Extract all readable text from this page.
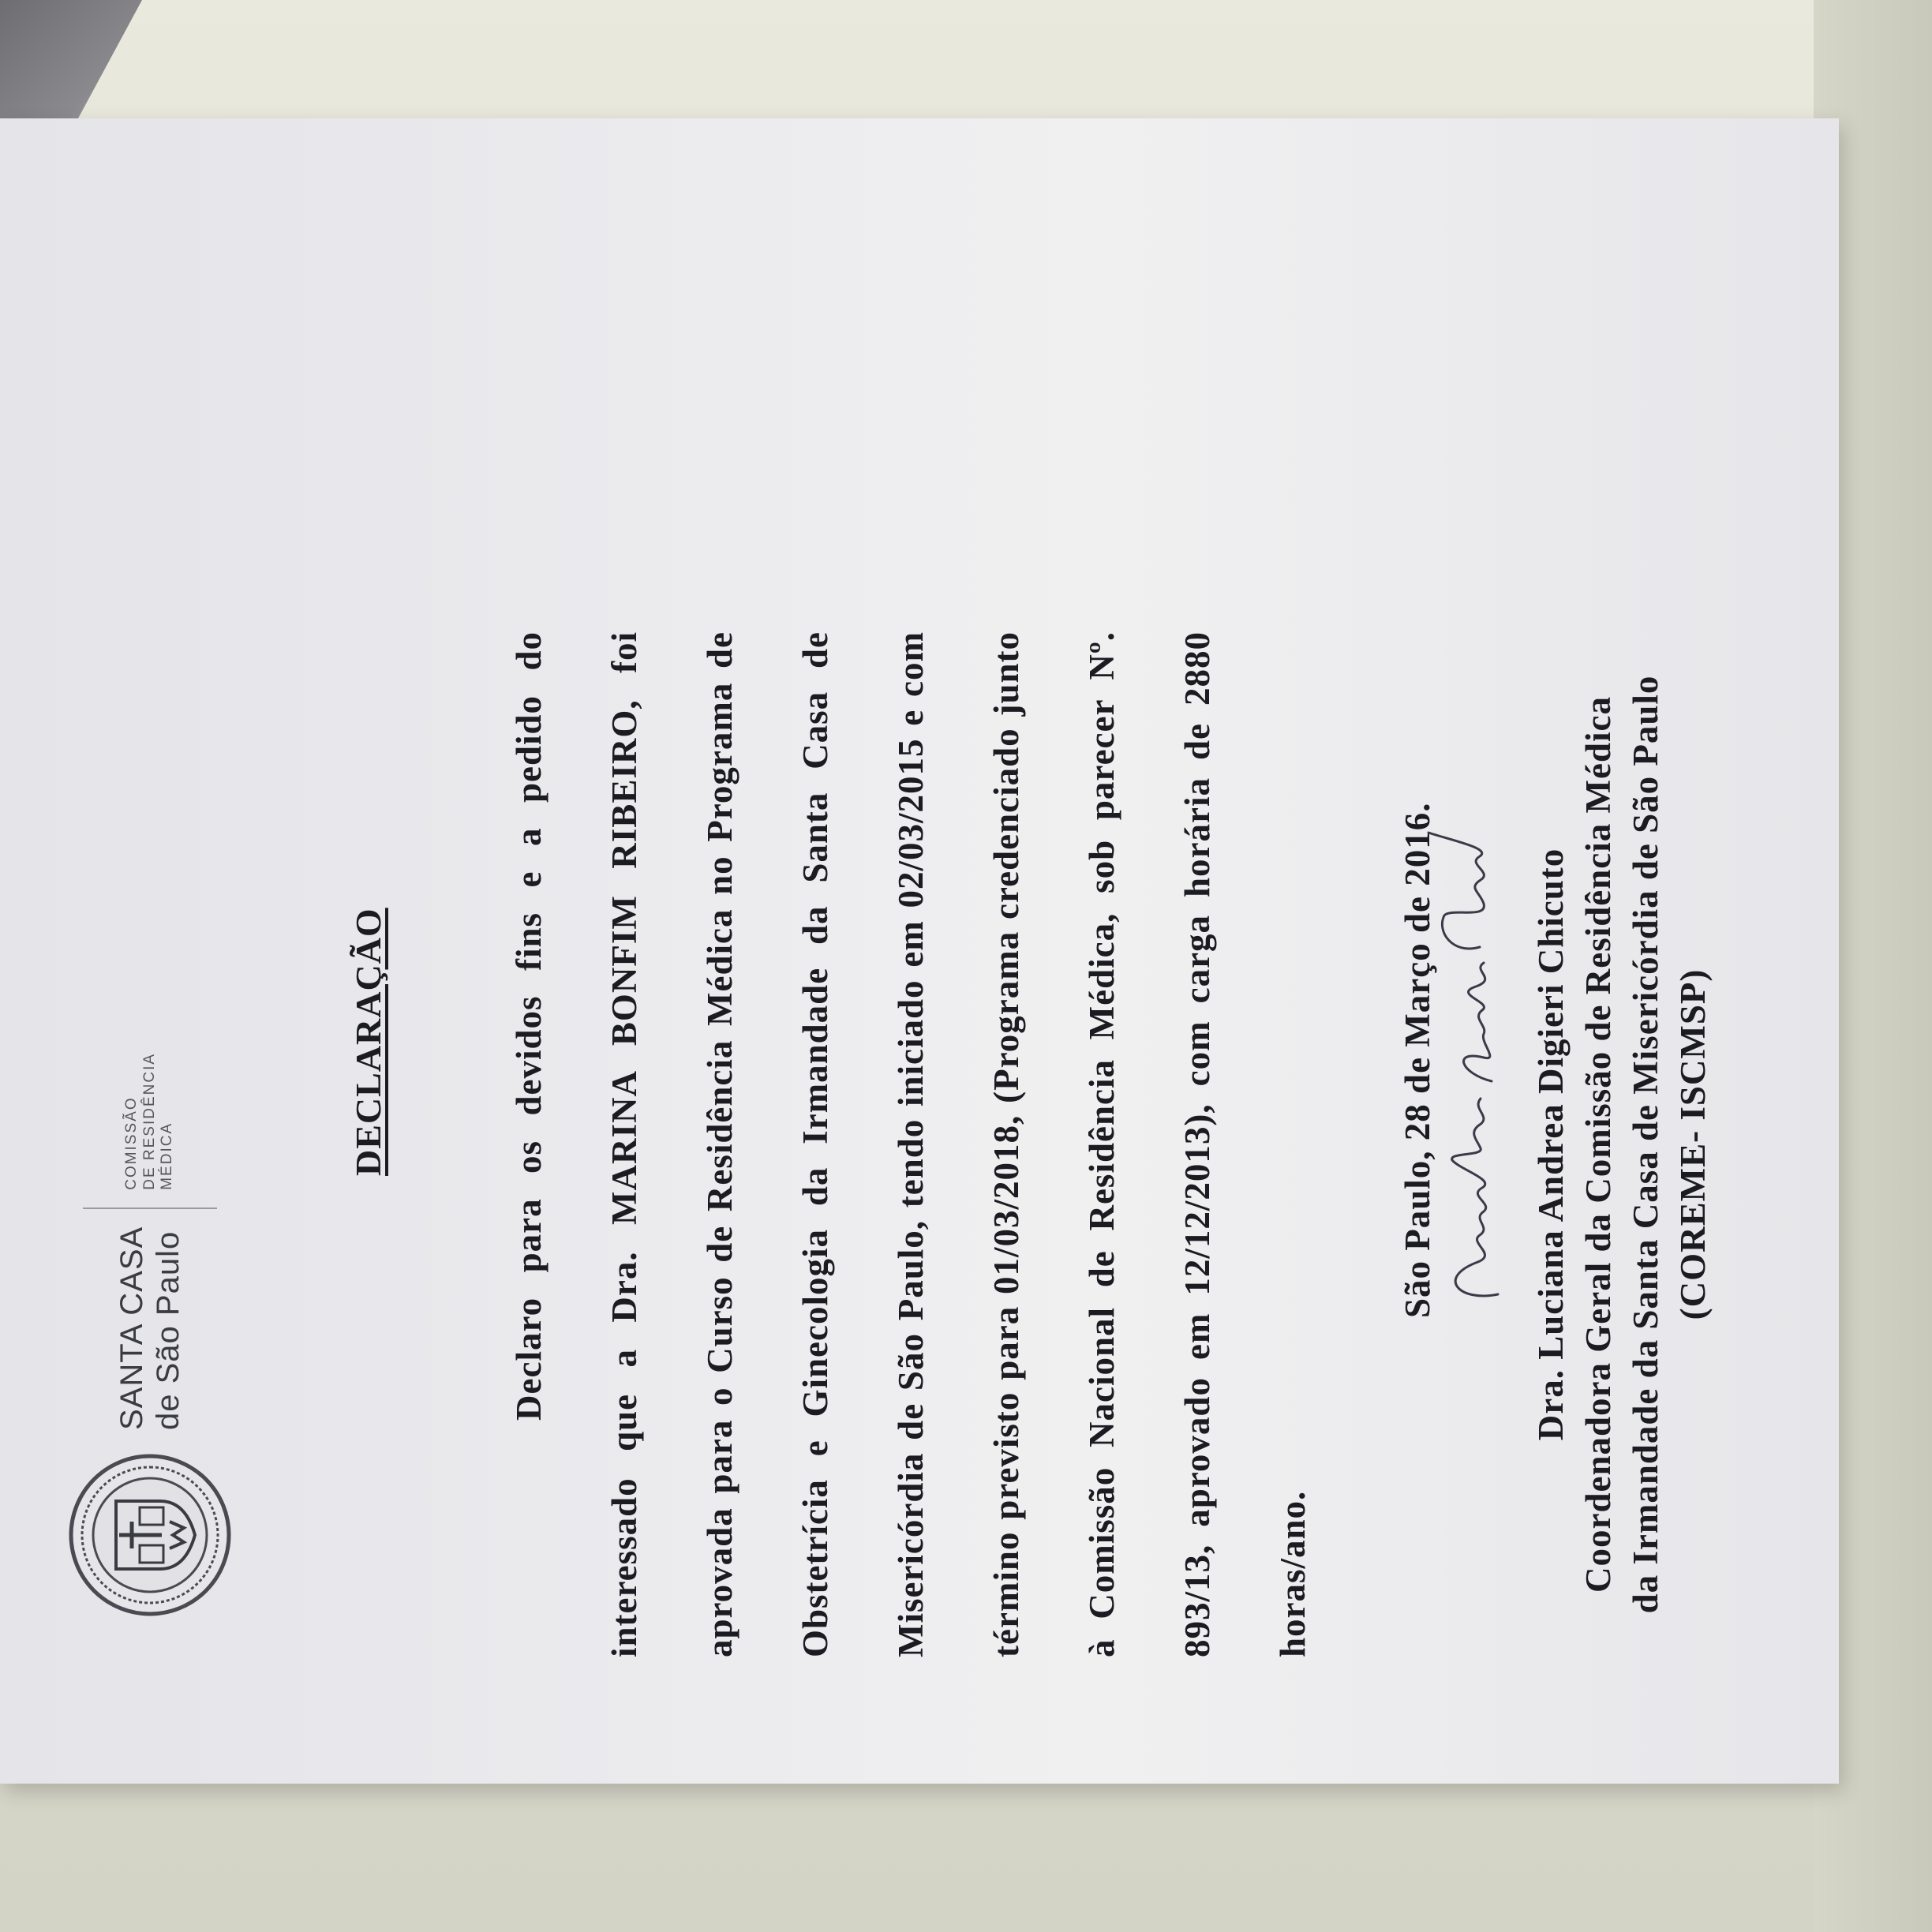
SANTA CASA de São Paulo
COMISSÃO DE RESIDÊNCIA MÉDICA	DECLARAÇÃO	Declaro para os devidos fins e a pedido do interessado que a Dra. MARINA BONFIM RIBEIRO, foi aprovada para o Curso de Residência Médica no Programa de Obstetrícia e Ginecologia da Irmandade da Santa Casa de Misericórdia de São Paulo, tendo iniciado em 02/03/2015 e com término previsto para 01/03/2018, (Programa credenciado junto à Comissão Nacional de Residência Médica, sob parecer Nº. 893/13, aprovado em 12/12/2013), com carga horária de 2880 horas/ano.
São Paulo, 28 de Março de 2016.	Dra. Luciana Andrea Digieri Chicuto Coordenadora Geral da Comissão de Residência Médica da Irmandade da Santa Casa de Misericórdia de São Paulo (COREME- ISCMSP)
